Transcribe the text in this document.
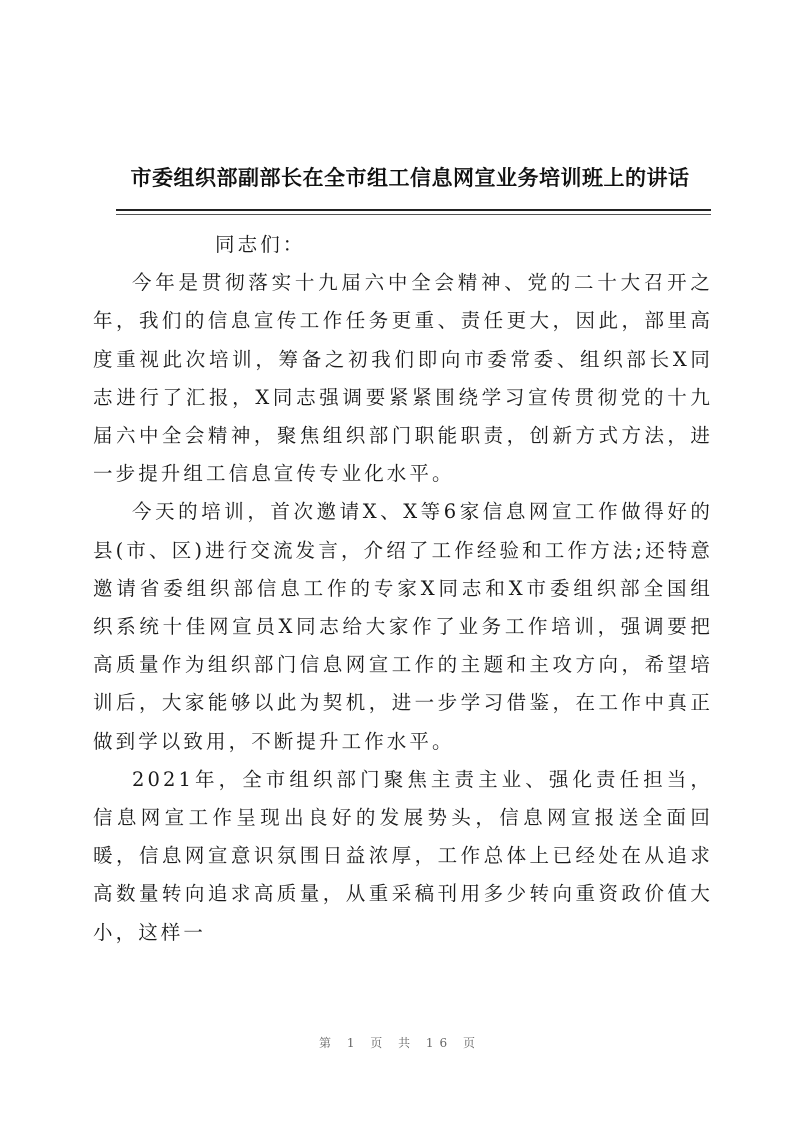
市委组织部副部长在全市组工信息网宣业务培训班上的讲话

同志们：

今年是贯彻落实十九届六中全会精神、党的二十大召开之年，我们的信息宣传工作任务更重、责任更大，因此，部里高度重视此次培训，筹备之初我们即向市委常委、组织部长X同志进行了汇报，X同志强调要紧紧围绕学习宣传贯彻党的十九届六中全会精神，聚焦组织部门职能职责，创新方式方法，进一步提升组工信息宣传专业化水平。

今天的培训，首次邀请X、X等6家信息网宣工作做得好的县(市、区)进行交流发言，介绍了工作经验和工作方法;还特意邀请省委组织部信息工作的专家X同志和X市委组织部全国组织系统十佳网宣员X同志给大家作了业务工作培训，强调要把高质量作为组织部门信息网宣工作的主题和主攻方向，希望培训后，大家能够以此为契机，进一步学习借鉴，在工作中真正做到学以致用，不断提升工作水平。

2021年，全市组织部门聚焦主责主业、强化责任担当，信息网宣工作呈现出良好的发展势头，信息网宣报送全面回暖，信息网宣意识氛围日益浓厚，工作总体上已经处在从追求高数量转向追求高质量，从重采稿刊用多少转向重资政价值大小，这样一

第 1 页 共 16 页
